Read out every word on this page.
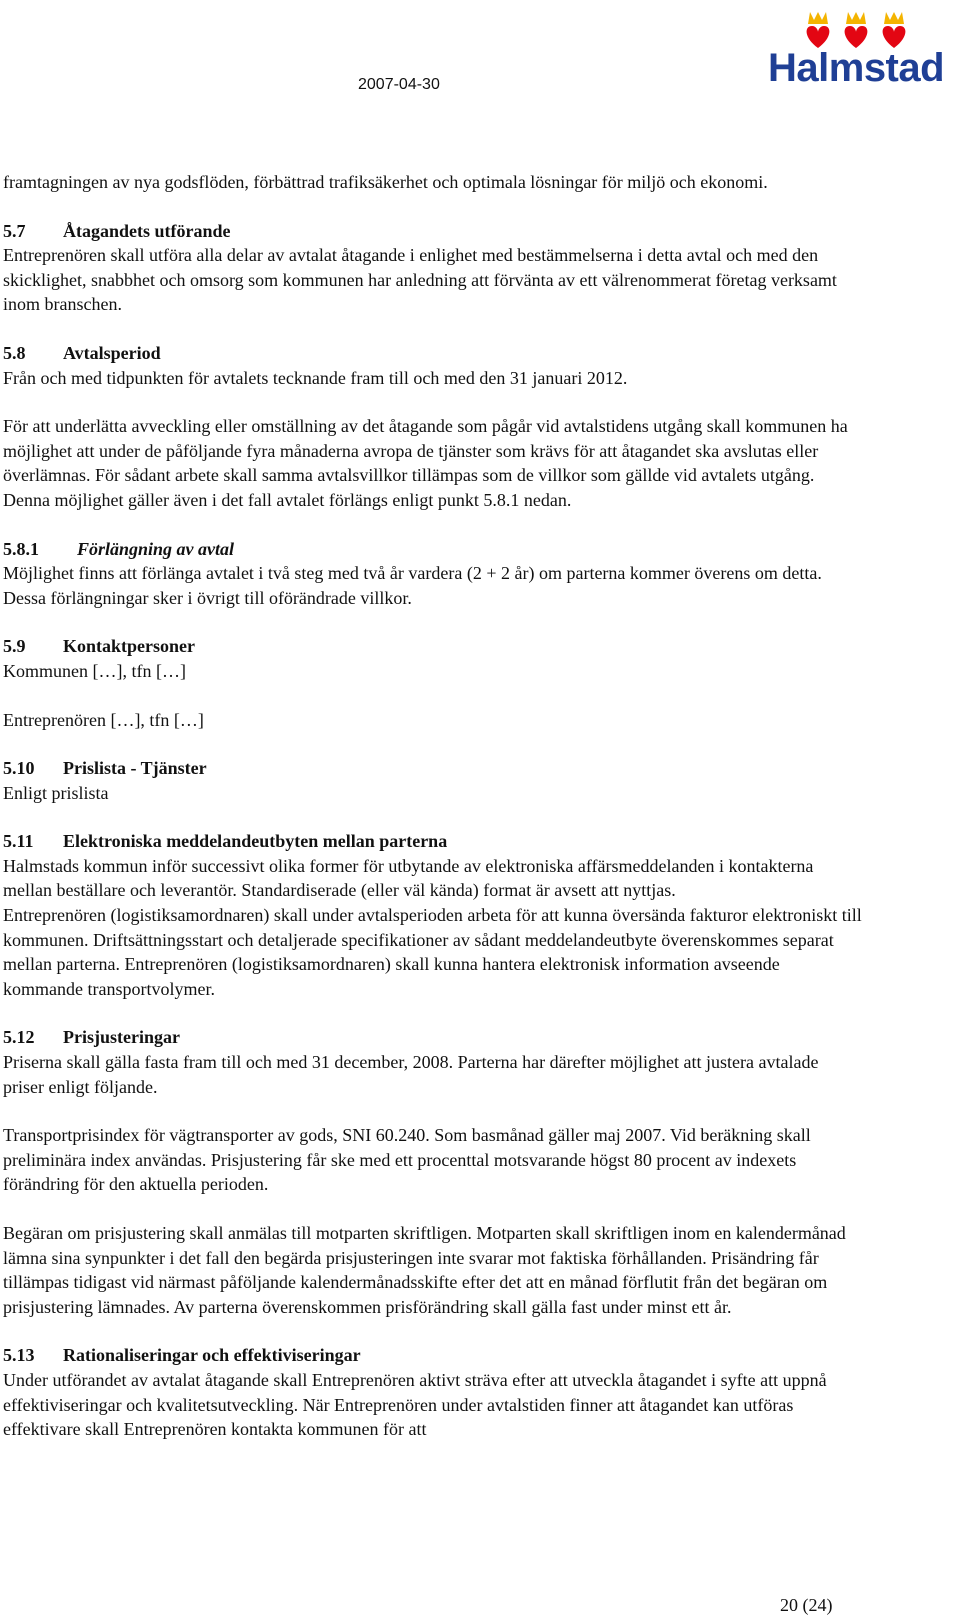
2007-04-30	Halmstad

framtagningen av nya godsflöden, förbättrad trafiksäkerhet och optimala lösningar för miljö och ekonomi.

5.7 Åtagandets utförande

Entreprenören skall utföra alla delar av avtalat åtagande i enlighet med bestämmelserna i detta avtal och med den skicklighet, snabbhet och omsorg som kommunen har anledning att förvänta av ett välrenommerat företag verksamt inom branschen.

5.8 Avtalsperiod

Från och med tidpunkten för avtalets tecknande fram till och med den 31 januari 2012.

För att underlätta avveckling eller omställning av det åtagande som pågår vid avtalstidens utgång skall kommunen ha möjlighet att under de påföljande fyra månaderna avropa de tjänster som krävs för att åtagandet ska avslutas eller överlämnas. För sådant arbete skall samma avtalsvillkor tillämpas som de villkor som gällde vid avtalets utgång. Denna möjlighet gäller även i det fall avtalet förlängs enligt punkt 5.8.1 nedan.

5.8.1 Förlängning av avtal

Möjlighet finns att förlänga avtalet i två steg med två år vardera (2 + 2 år) om parterna kommer överens om detta. Dessa förlängningar sker i övrigt till oförändrade villkor.

5.9 Kontaktpersoner

Kommunen […], tfn […]

Entreprenören […], tfn […]

5.10 Prislista - Tjänster

Enligt prislista

5.11 Elektroniska meddelandeutbyten mellan parterna

Halmstads kommun inför successivt olika former för utbytande av elektroniska affärsmeddelanden i kontakterna mellan beställare och leverantör. Standardiserade (eller väl kända) format är avsett att nyttjas.

Entreprenören (logistiksamordnaren) skall under avtalsperioden arbeta för att kunna översända fakturor elektroniskt till kommunen. Driftsättningsstart och detaljerade specifikationer av sådant meddelandeutbyte överenskommes separat mellan parterna. Entreprenören (logistiksamordnaren) skall kunna hantera elektronisk information avseende kommande transportvolymer.

5.12 Prisjusteringar

Priserna skall gälla fasta fram till och med 31 december, 2008. Parterna har därefter möjlighet att justera avtalade priser enligt följande.

Transportprisindex för vägtransporter av gods, SNI 60.240. Som basmånad gäller maj 2007. Vid beräkning skall preliminära index användas. Prisjustering får ske med ett procenttal motsvarande högst 80 procent av indexets förändring för den aktuella perioden.

Begäran om prisjustering skall anmälas till motparten skriftligen. Motparten skall skriftligen inom en kalendermånad lämna sina synpunkter i det fall den begärda prisjusteringen inte svarar mot faktiska förhållanden. Prisändring får tillämpas tidigast vid närmast påföljande kalendermånadsskifte efter det att en månad förflutit från det begäran om prisjustering lämnades. Av parterna överenskommen prisförändring skall gälla fast under minst ett år.

5.13 Rationaliseringar och effektiviseringar

Under utförandet av avtalat åtagande skall Entreprenören aktivt sträva efter att utveckla åtagandet i syfte att uppnå effektiviseringar och kvalitetsutveckling. När Entreprenören under avtalstiden finner att åtagandet kan utföras effektivare skall Entreprenören kontakta kommunen för att

20 (24)
